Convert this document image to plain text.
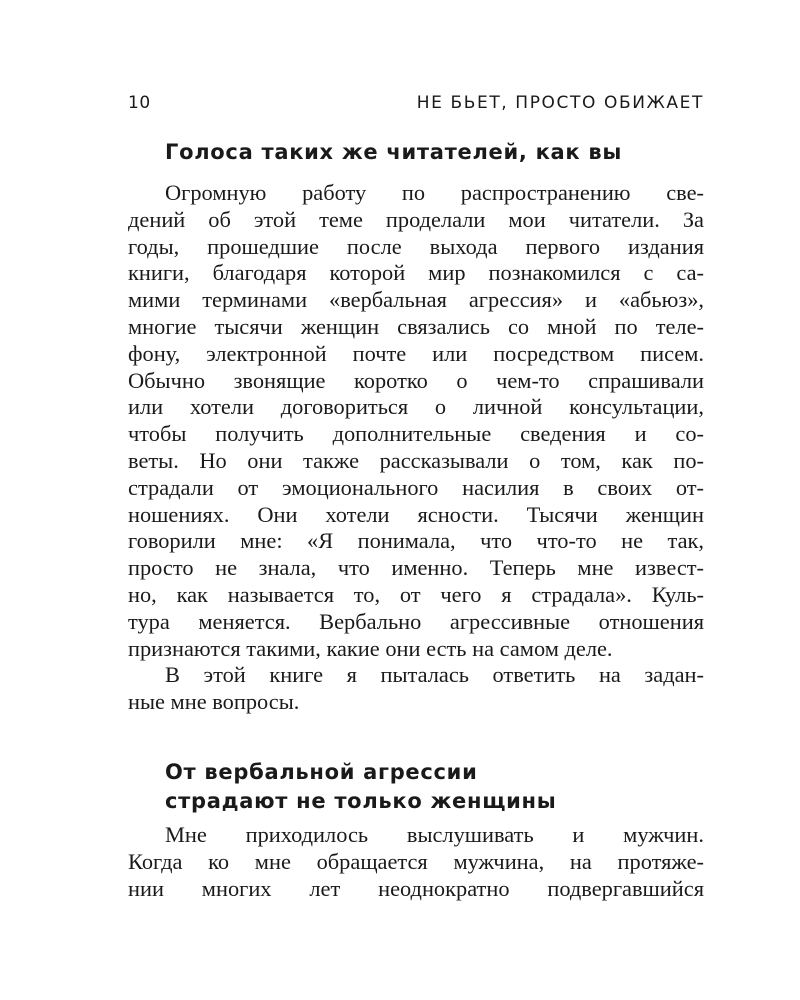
10	НЕ БЬЕТ, ПРОСТО ОБИЖАЕТ
Голоса таких же читателей, как вы

Огромную работу по распространению све-
дений об этой теме проделали мои читатели. За
годы, прошедшие после выхода первого издания
книги, благодаря которой мир познакомился с са-
мими терминами «вербальная агрессия» и «абьюз»,
многие тысячи женщин связались со мной по теле-
фону, электронной почте или посредством писем.
Обычно звонящие коротко о чем-то спрашивали
или хотели договориться о личной консультации,
чтобы получить дополнительные сведения и со-
веты. Но они также рассказывали о том, как по-
страдали от эмоционального насилия в своих от-
ношениях. Они хотели ясности. Тысячи женщин
говорили мне: «Я понимала, что что-то не так,
просто не знала, что именно. Теперь мне извест-
но, как называется то, от чего я страдала». Куль-
тура меняется. Вербально агрессивные отношения
признаются такими, какие они есть на самом деле.

В этой книге я пыталась ответить на задан-
ные мне вопросы.

От вербальной агрессии
страдают не только женщины

Мне приходилось выслушивать и мужчин.
Когда ко мне обращается мужчина, на протяже-
нии многих лет неоднократно подвергавшийся
